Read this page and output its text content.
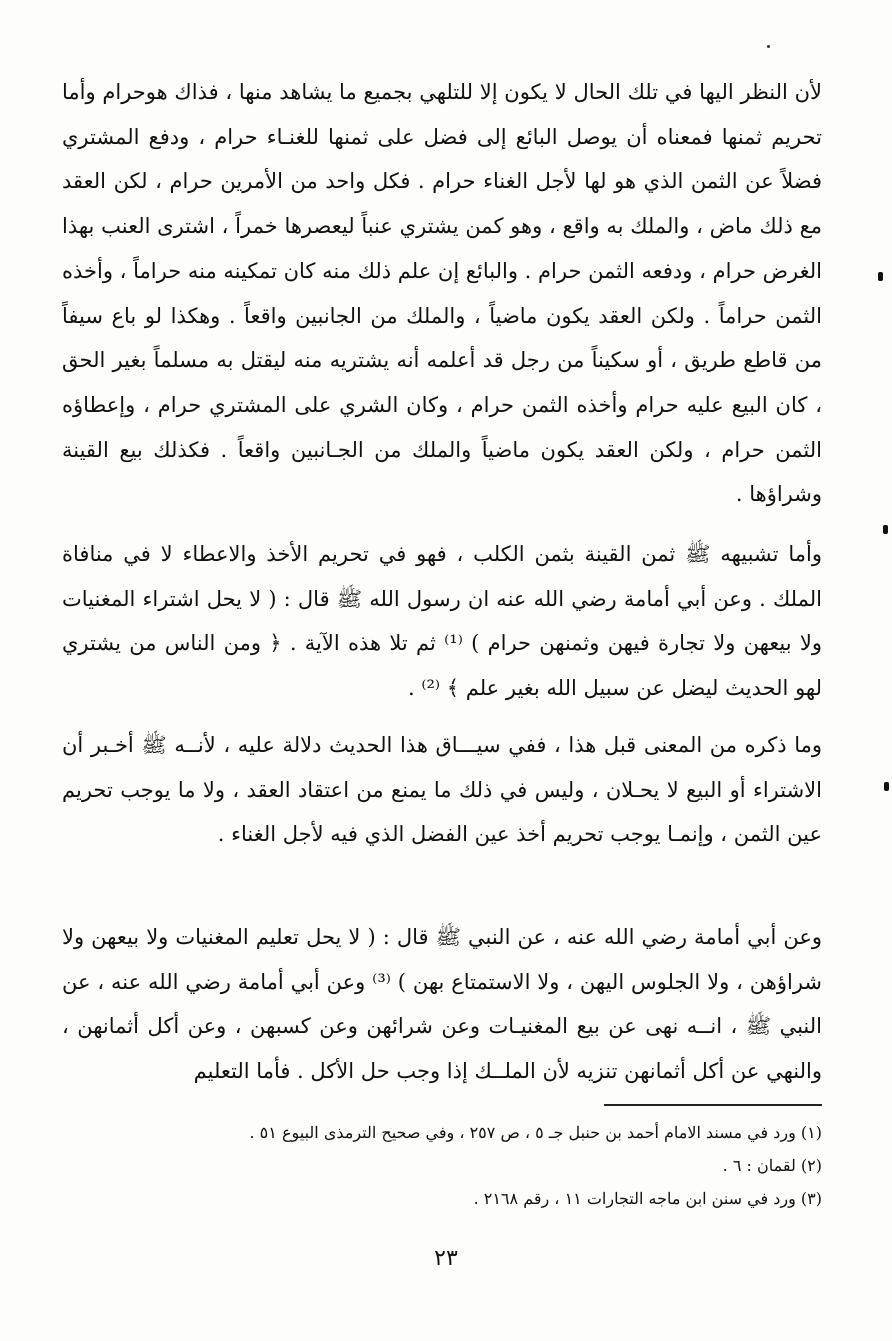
لأن النظر اليها في تلك الحال لا يكون إلا للتلهي بجميع ما يشاهد منها ، فذاك هوحرام وأما تحريم ثمنها فمعناه أن يوصل البائع إلى فضل على ثمنها للغنـاء حرام ، ودفع المشتري فضلاً عن الثمن الذي هو لها لأجل الغناء حرام . فكل واحد من الأمرين حرام ، لكن العقد مع ذلك ماض ، والملك به واقع ، وهو كمن يشتري عنباً ليعصرها خمراً ، اشترى العنب بهذا الغرض حرام ، ودفعه الثمن حرام . والبائع إن علم ذلك منه كان تمكينه منه حراماً ، وأخذه الثمن حراماً . ولكن العقد يكون ماضياً ، والملك من الجانبين واقعاً . وهكذا لو باع سيفاً من قاطع طريق ، أو سكيناً من رجل قد أعلمه أنه يشتريه منه ليقتل به مسلماً بغير الحق ، كان البيع عليه حرام وأخذه الثمن حرام ، وكان الشري على المشتري حرام ، وإعطاؤه الثمن حرام ، ولكن العقد يكون ماضياً والملك من الجـانبين واقعاً . فكذلك بيع القينة وشراؤها .

وأما تشبيهه ﷺ ثمن القينة بثمن الكلب ، فهو في تحريم الأخذ والاعطاء لا في منافاة الملك . وعن أبي أمامة رضي الله عنه ان رسول الله ﷺ قال : ( لا يحل اشتراء المغنيات ولا بيعهن ولا تجارة فيهن وثمنهن حرام ) ⁽¹⁾ ثم تلا هذه الآية . ﴿ ومن الناس من يشتري لهو الحديث ليضل عن سبيل الله بغير علم ﴾ ⁽²⁾ .

وما ذكره من المعنى قبل هذا ، ففي سيـــاق هذا الحديث دلالة عليه ، لأنــه ﷺ أخـبر أن الاشتراء أو البيع لا يحـلان ، وليس في ذلك ما يمنع من اعتقاد العقد ، ولا ما يوجب تحريم عين الثمن ، وإنمـا يوجب تحريم أخذ عين الفضل الذي فيه لأجل الغناء .

وعن أبي أمامة رضي الله عنه ، عن النبي ﷺ قال : ( لا يحل تعليم المغنيات ولا بيعهن ولا شراؤهن ، ولا الجلوس اليهن ، ولا الاستمتاع بهن ) ⁽³⁾ وعن أبي أمامة رضي الله عنه ، عن النبي ﷺ ، انــه نهى عن بيع المغنيـات وعن شرائهن وعن كسبهن ، وعن أكل أثمانهن ، والنهي عن أكل أثمانهن تنزيه لأن الملــك إذا وجب حل الأكل . فأما التعليم

(١) ورد في مسند الامام أحمد بن حنبل جـ ٥ ، ص ٢٥٧ ، وفي صحيح الترمذى البيوع ٥١ .
(٢) لقمان : ٦ .
(٣) ورد في سنن ابن ماجه التجارات ١١ ، رقم ٢١٦٨ .
٢٣
